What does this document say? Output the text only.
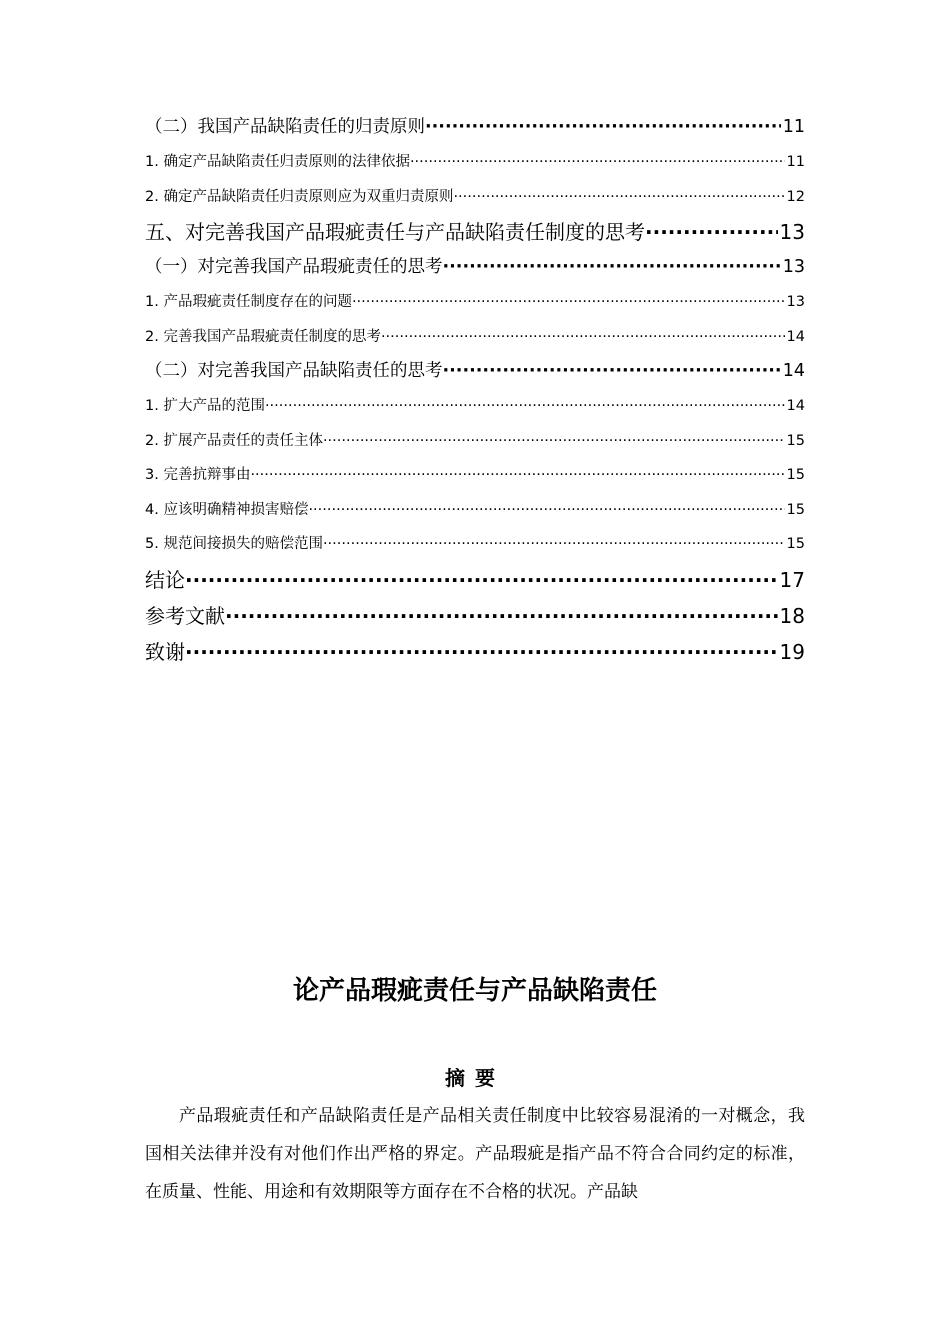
（二）我国产品缺陷责任的归责原则 ·····	11
1. 确定产品缺陷责任归责原则的法律依据 ·····	11
2. 确定产品缺陷责任归责原则应为双重归责原则 ·····	12
五、对完善我国产品瑕疵责任与产品缺陷责任制度的思考 ·····	13
（一）对完善我国产品瑕疵责任的思考 ·····	13
1. 产品瑕疵责任制度存在的问题 ·····	13
2. 完善我国产品瑕疵责任制度的思考 ·····	14
（二）对完善我国产品缺陷责任的思考 ·····	14
1. 扩大产品的范围 ·····	14
2. 扩展产品责任的责任主体 ·····	15
3. 完善抗辩事由 ·····	15
4. 应该明确精神损害赔偿 ·····	15
5. 规范间接损失的赔偿范围 ·····	15
结论 ·····	17
参考文献 ·····	18
致谢 ·····	19
论产品瑕疵责任与产品缺陷责任
摘要

产品瑕疵责任和产品缺陷责任是产品相关责任制度中比较容易混淆的一对概念，我国相关法律并没有对他们作出严格的界定。产品瑕疵是指产品不符合合同约定的标准，在质量、性能、用途和有效期限等方面存在不合格的状况。产品缺
